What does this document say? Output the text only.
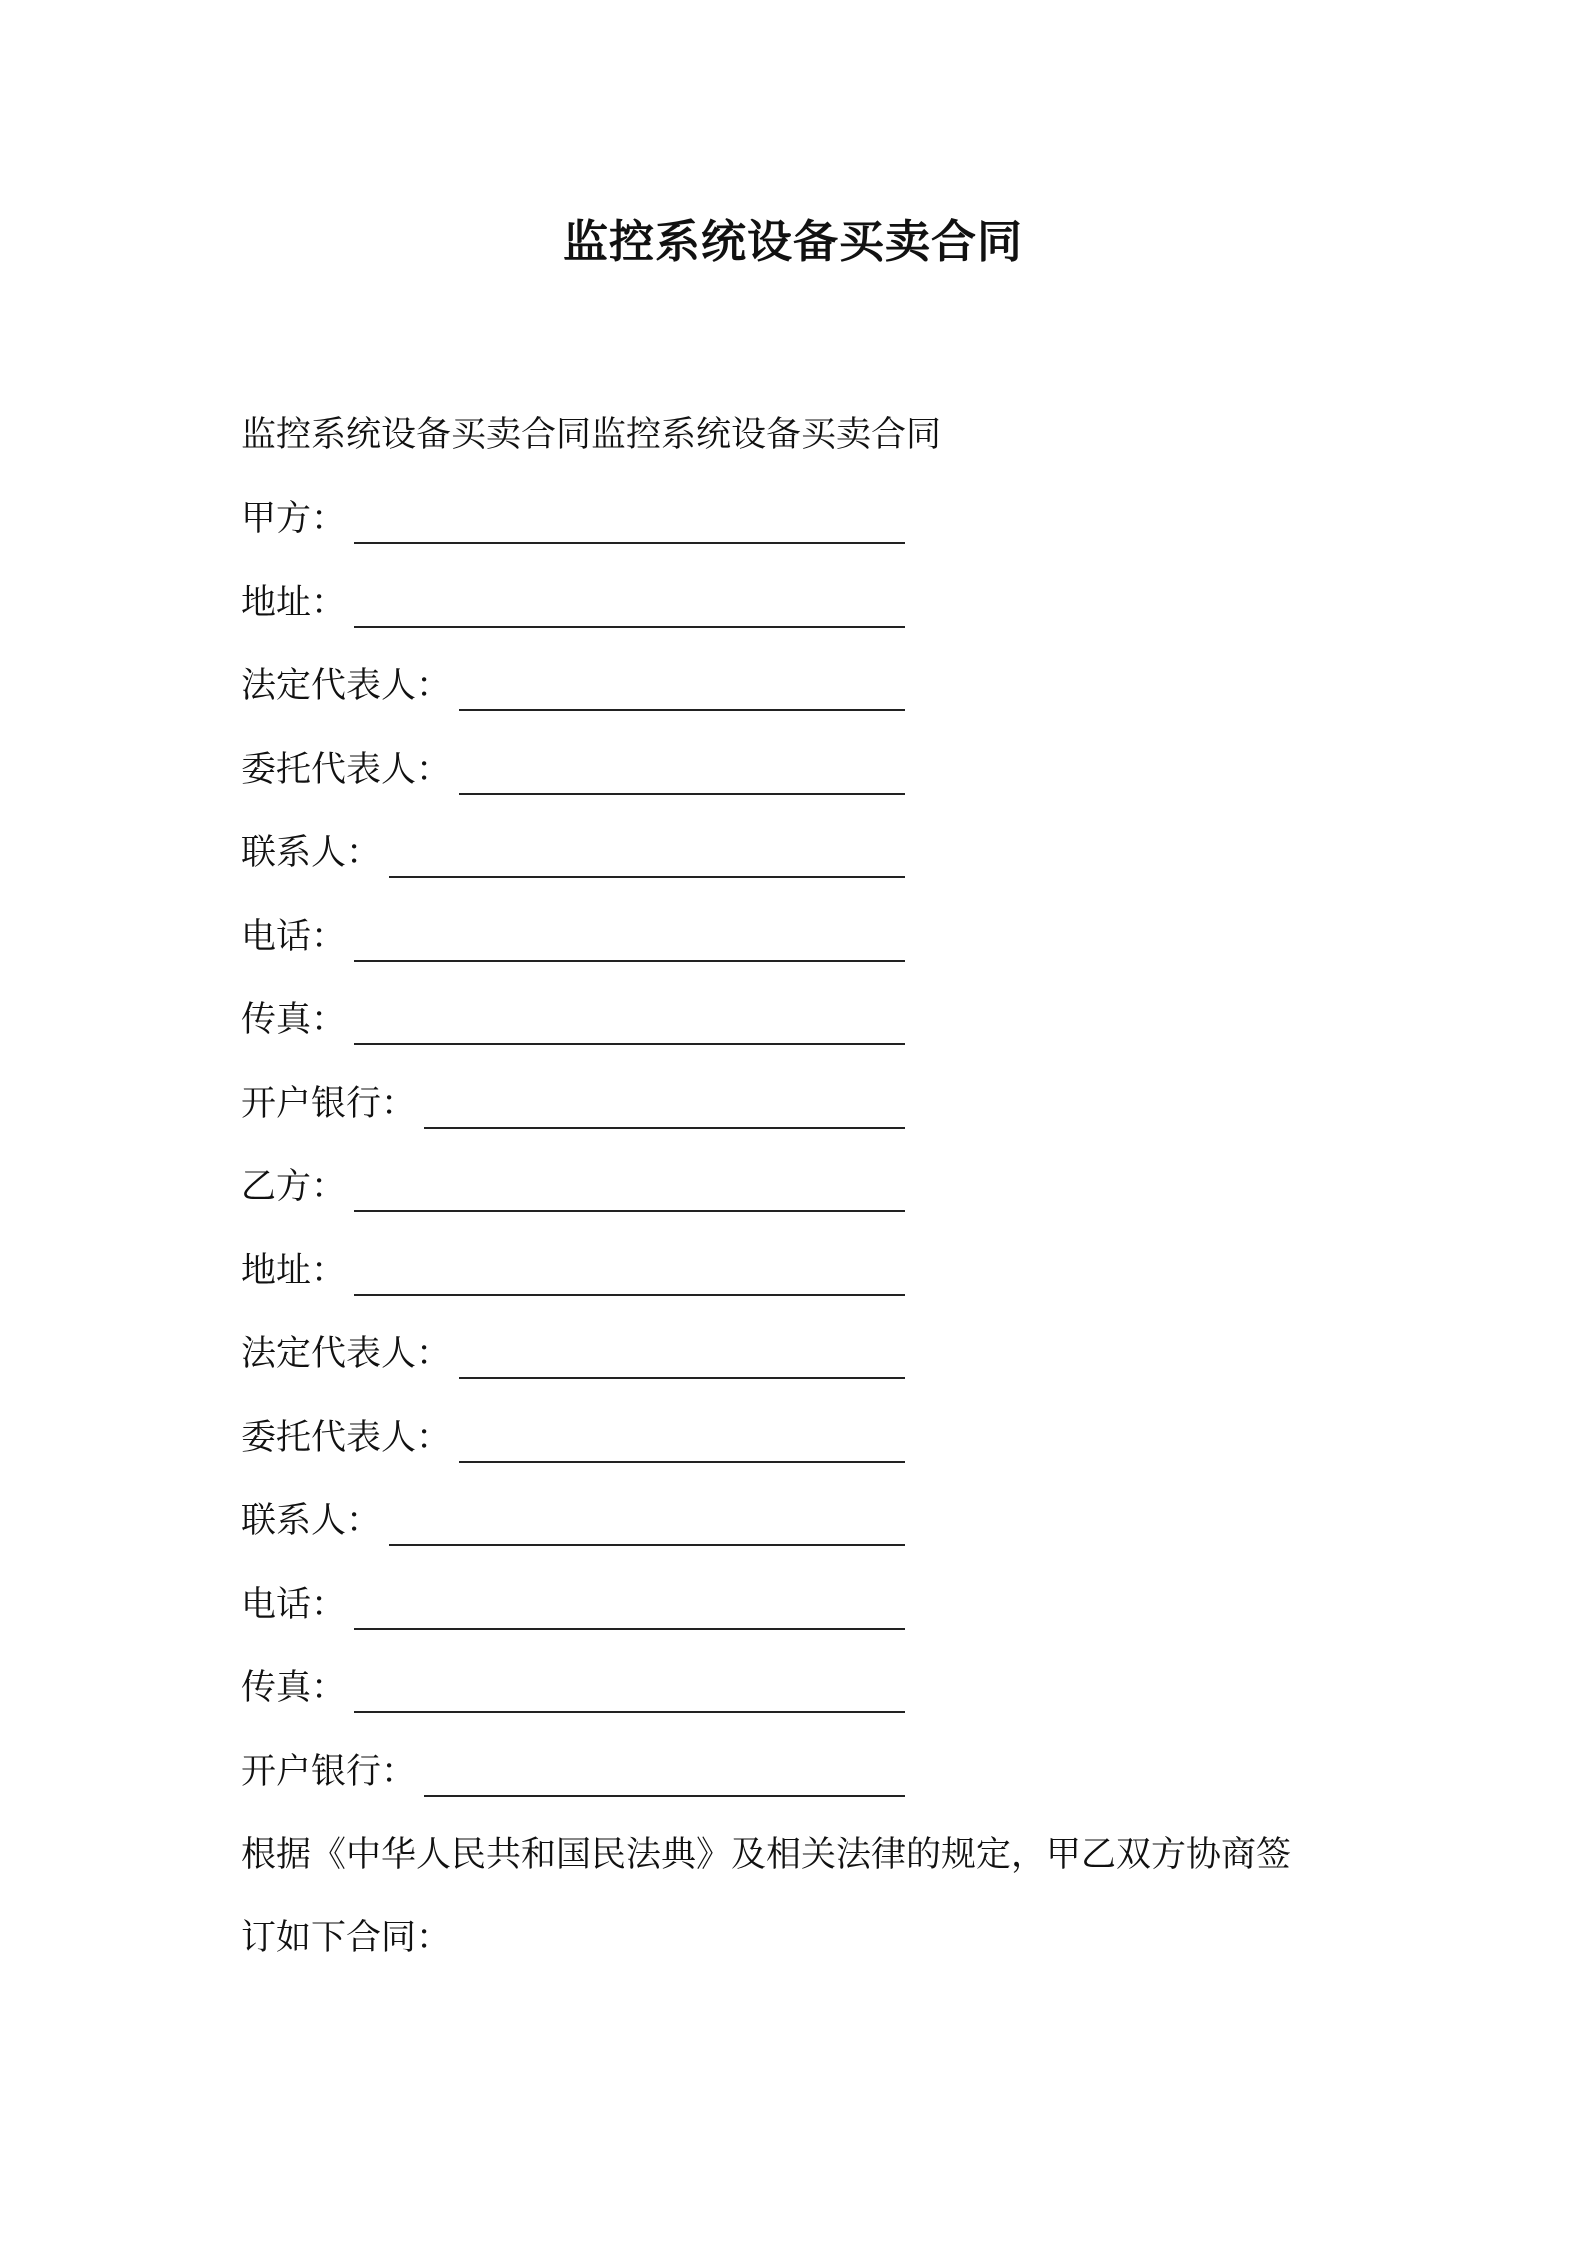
监控系统设备买卖合同
监控系统设备买卖合同监控系统设备买卖合同
甲方：
地址：
法定代表人：
委托代表人：
联系人：
电话：
传真：
开户银行：
乙方：
地址：
法定代表人：
委托代表人：
联系人：
电话：
传真：
开户银行：
根据《中华人民共和国民法典》及相关法律的规定，甲乙双方协商签
订如下合同：
